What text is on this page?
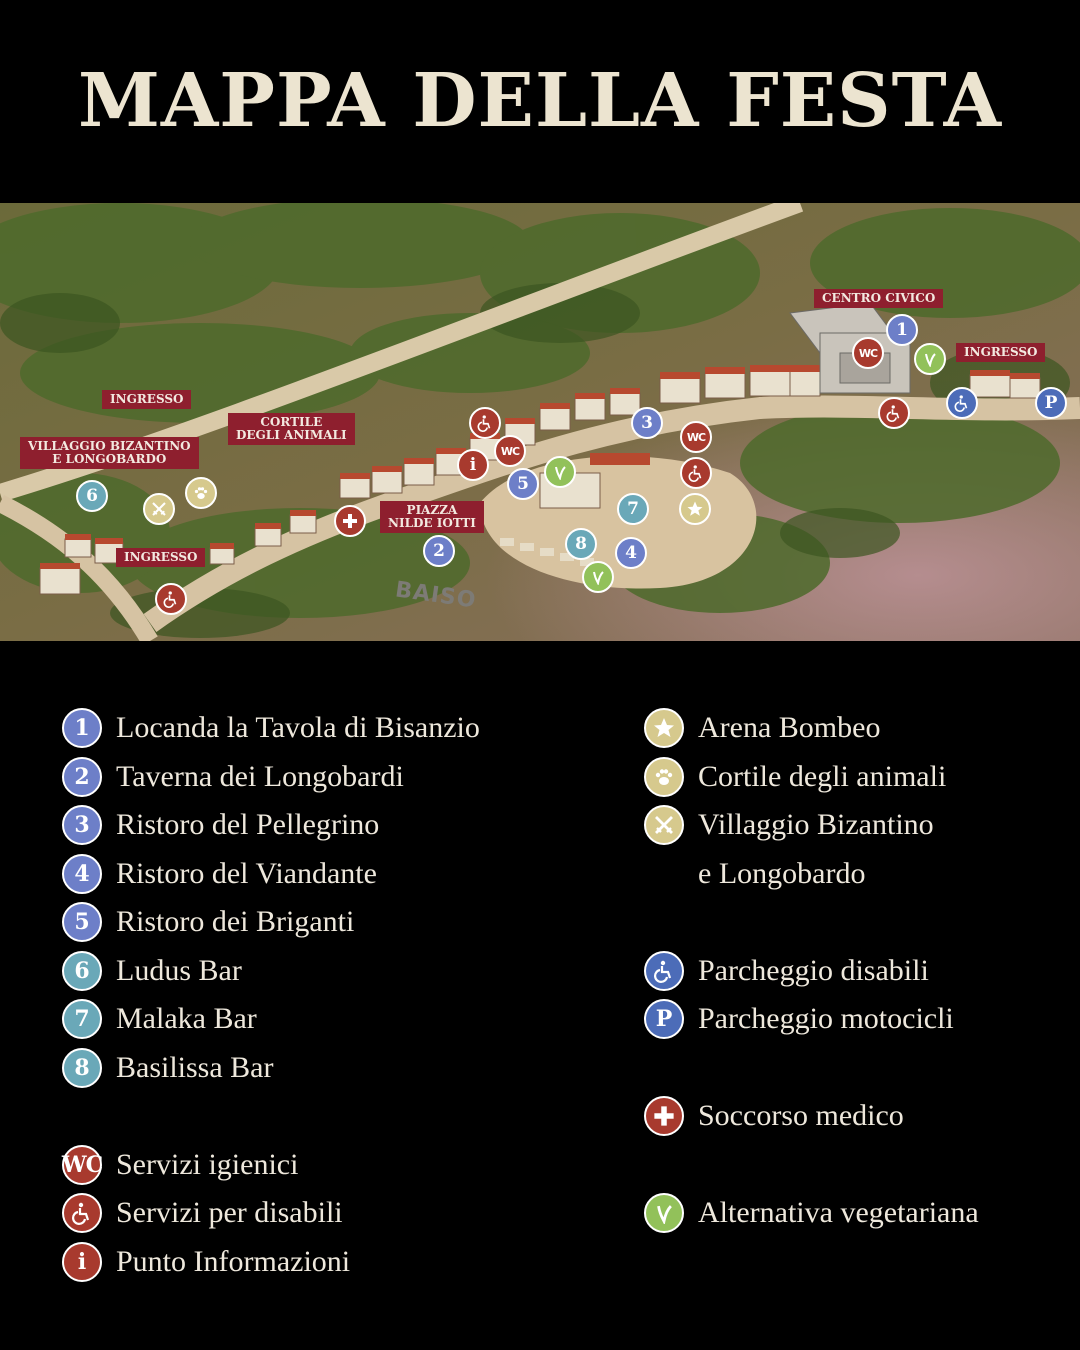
MAPPA DELLA FESTA
CENTRO CIVICO
INGRESSO
INGRESSO
CORTILE
DEGLI ANIMALI
VILLAGGIO BIZANTINO
E LONGOBARDO
PIAZZA
NILDE IOTTI
INGRESSO
BAISO
1
WC
P
3
WC
WC
i
5
7
8	4
2
6
1 Locanda la Tavola di Bisanzio
2 Taverna dei Longobardi
3 Ristoro del Pellegrino
4 Ristoro del Viandante
5 Ristoro dei Briganti
6 Ludus Bar
7 Malaka Bar
8 Basilissa Bar
WC Servizi igienici
Servizi per disabili
i Punto Informazioni
Arena Bombeo
Cortile degli animali
Villaggio Bizantino
e Longobardo
Parcheggio disabili
P Parcheggio motocicli
Soccorso medico
Alternativa vegetariana
